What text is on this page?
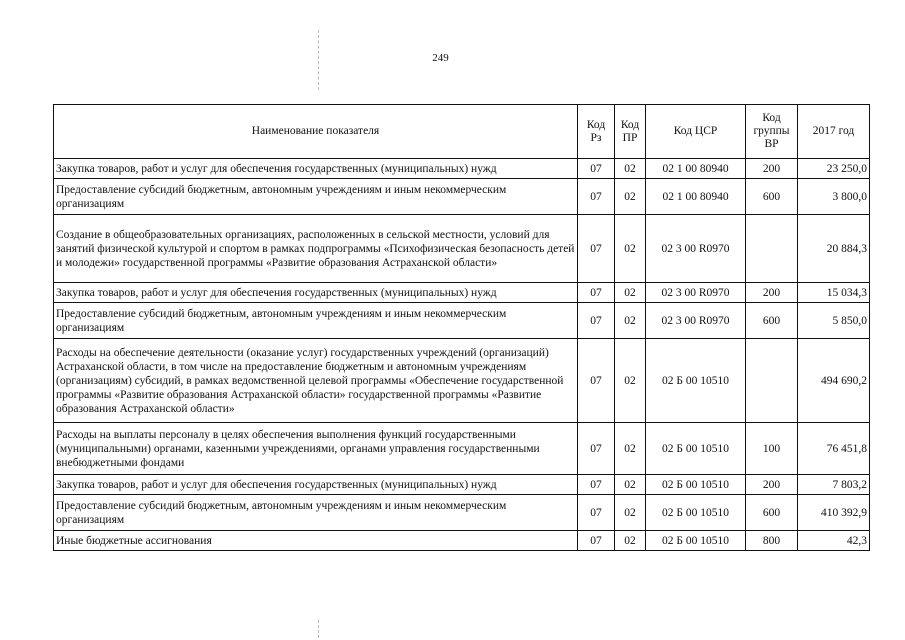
249
Наименование показателя	Код Рз	Код ПР	Код ЦСР	Код группы ВР	2017 год
Закупка товаров, работ и услуг для обеспечения государственных (муниципальных) нужд	07	02	02 1 00 80940	200	23 250,0
Предоставление субсидий бюджетным, автономным учреждениям и иным некоммерческим организациям	07	02	02 1 00 80940	600	3 800,0
Создание в общеобразовательных организациях, расположенных в сельской местности, условий для занятий физической культурой и спортом в рамках подпрограммы «Психофизическая безопасность детей и молодежи» государственной программы «Развитие образования Астраханской области»	07	02	02 3 00 R0970		20 884,3
Закупка товаров, работ и услуг для обеспечения государственных (муниципальных) нужд	07	02	02 3 00 R0970	200	15 034,3
Предоставление субсидий бюджетным, автономным учреждениям и иным некоммерческим организациям	07	02	02 3 00 R0970	600	5 850,0
Расходы на обеспечение деятельности (оказание услуг) государственных учреждений (организаций) Астраханской области, в том числе на предоставление бюджетным и автономным учреждениям (организациям) субсидий, в рамках ведомственной целевой программы «Обеспечение государственной программы «Развитие образования Астраханской области» государственной программы «Развитие образования Астраханской области»	07	02	02 Б 00 10510		494 690,2
Расходы на выплаты персоналу в целях обеспечения выполнения функций государственными (муниципальными) органами, казенными учреждениями, органами управления государственными внебюджетными фондами	07	02	02 Б 00 10510	100	76 451,8
Закупка товаров, работ и услуг для обеспечения государственных (муниципальных) нужд	07	02	02 Б 00 10510	200	7 803,2
Предоставление субсидий бюджетным, автономным учреждениям и иным некоммерческим организациям	07	02	02 Б 00 10510	600	410 392,9
Иные бюджетные ассигнования	07	02	02 Б 00 10510	800	42,3
